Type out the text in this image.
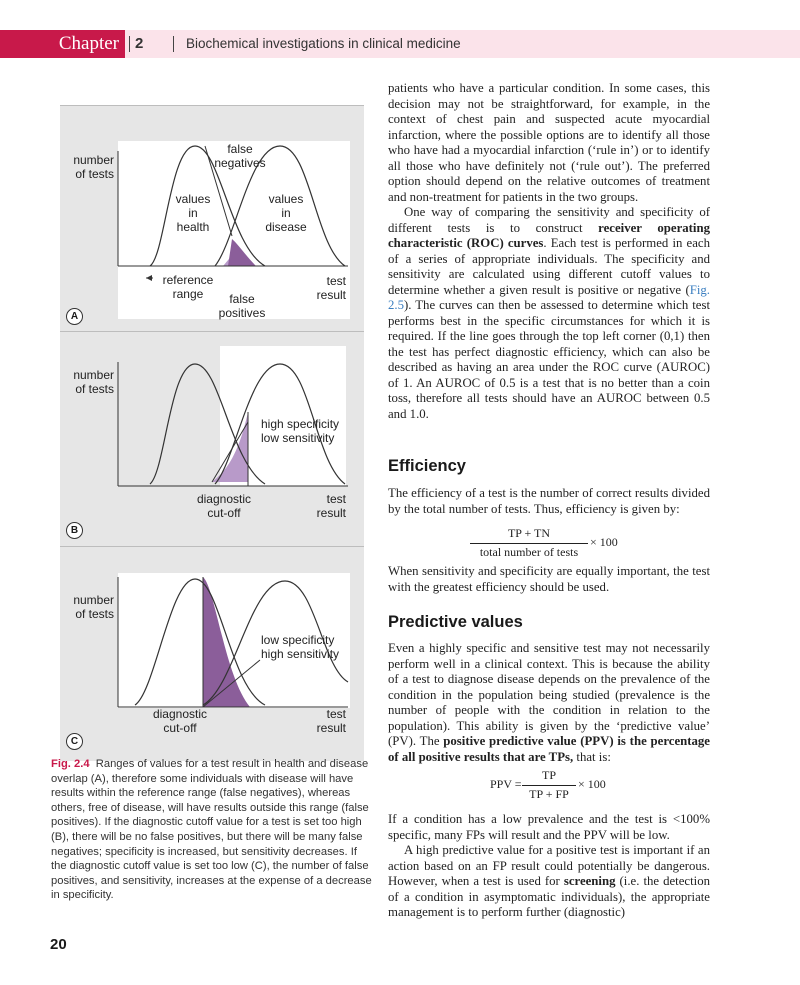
Chapter	2	Biochemical investigations in clinical medicine
number
of tests
false
negatives
values
in
health
values
in
disease
reference
range	false
positives
test
result
A
number
of tests
high specificity
low sensitivity
diagnostic
cut-off
test
result
B
number
of tests
low specificity
high sensitivity
diagnostic
cut-off
test
result
C
Fig. 2.4 Ranges of values for a test result in health and disease overlap (A), therefore some individuals with disease will have results within the reference range (false negatives), whereas others, free of disease, will have results outside this range (false positives). If the diagnostic cutoff value for a test is set too high (B), there will be no false positives, but there will be many false negatives; specificity is increased, but sensitivity decreases. If the diagnostic cutoff value is set too low (C), the number of false positives, and sensitivity, increases at the expense of a decrease in specificity.
20

patients who have a particular condition. In some cases, this decision may not be straightforward, for example, in the context of chest pain and suspected acute myocardial infarction, where the possible options are to identify all those who have had a myocardial infarction (‘rule in’) or to identify all those who have definitely not (‘rule out’). The preferred option should depend on the relative outcomes of treatment and non-treatment for patients in the two groups.

One way of comparing the sensitivity and specificity of different tests is to construct receiver operating characteristic (ROC) curves. Each test is performed in each of a series of appropriate individuals. The specificity and sensitivity are calculated using different cutoff values to determine whether a given result is positive or negative (Fig. 2.5). The curves can then be assessed to determine which test performs best in the specific circumstances for which it is required. If the line goes through the top left corner (0,1) then the test has perfect diagnostic efficiency, which can also be described as having an area under the ROC curve (AUROC) of 1. An AUROC of 0.5 is a test that is no better than a coin toss, therefore all tests should have an AUROC between 0.5 and 1.0.

Efficiency

The efficiency of a test is the number of correct results divided by the total number of tests. Thus, efficiency is given by:

TP + TN
total number of tests
× 100

When sensitivity and specificity are equally important, the test with the greatest efficiency should be used.

Predictive values

Even a highly specific and sensitive test may not necessarily perform well in a clinical context. This is because the ability of a test to diagnose disease depends on the prevalence of the condition in the population being studied (prevalence is the number of people with the condition in relation to the population). This ability is given by the ‘predictive value’ (PV). The positive predictive value (PPV) is the percentage of all positive results that are TPs, that is:

PPV =
TP
TP + FP
× 100

If a condition has a low prevalence and the test is <100% specific, many FPs will result and the PPV will be low.

A high predictive value for a positive test is important if an action based on an FP result could potentially be dangerous. However, when a test is used for screening (i.e. the detection of a condition in asymptomatic individuals), the appropriate management is to perform further (diagnostic)
